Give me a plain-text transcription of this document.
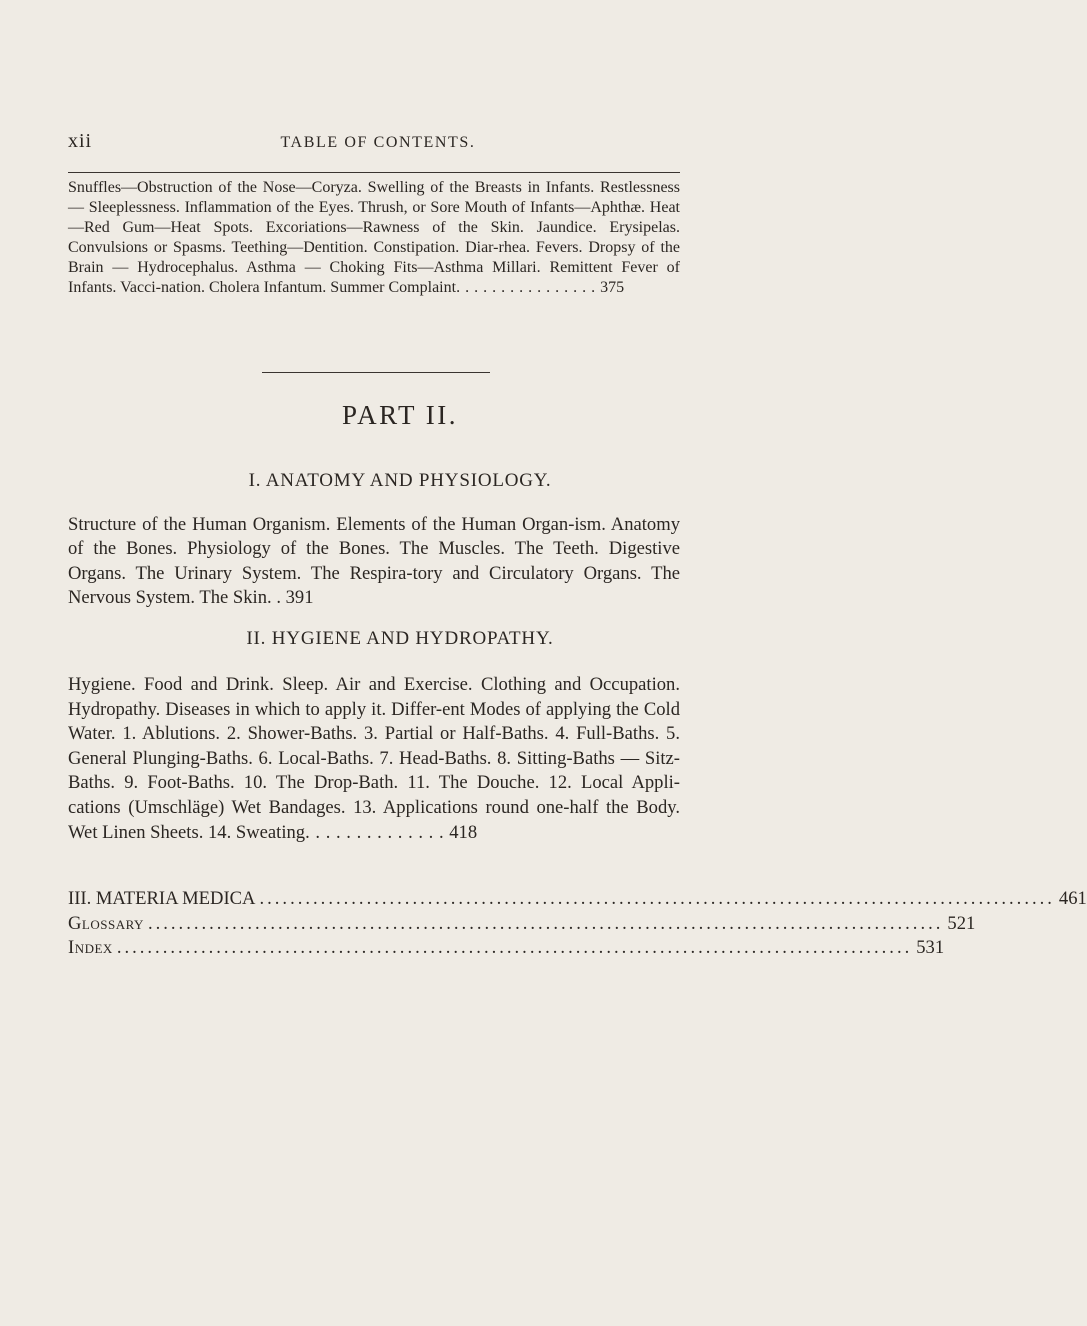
xii	TABLE OF CONTENTS.

Snuffles—Obstruction of the Nose—Coryza. Swelling of the Breasts in Infants. Restlessness — Sleeplessness. Inflammation of the Eyes. Thrush, or Sore Mouth of Infants—Aphthæ. Heat—Red Gum—Heat Spots. Excoriations—Rawness of the Skin. Jaundice. Erysipelas. Convulsions or Spasms. Teething—Dentition. Constipation. Diar-rhea. Fevers. Dropsy of the Brain — Hydrocephalus. Asthma — Choking Fits—Asthma Millari. Remittent Fever of Infants. Vacci-nation. Cholera Infantum. Summer Complaint. . . . . . . . . . . . . . . . 375

PART II.
I. ANATOMY AND PHYSIOLOGY.

Structure of the Human Organism. Elements of the Human Organ-ism. Anatomy of the Bones. Physiology of the Bones. The Muscles. The Teeth. Digestive Organs. The Urinary System. The Respira-tory and Circulatory Organs. The Nervous System. The Skin. . 391

II. HYGIENE AND HYDROPATHY.

Hygiene. Food and Drink. Sleep. Air and Exercise. Clothing and Occupation. Hydropathy. Diseases in which to apply it. Differ-ent Modes of applying the Cold Water. 1. Ablutions. 2. Shower-Baths. 3. Partial or Half-Baths. 4. Full-Baths. 5. General Plunging-Baths. 6. Local-Baths. 7. Head-Baths. 8. Sitting-Baths — Sitz-Baths. 9. Foot-Baths. 10. The Drop-Bath. 11. The Douche. 12. Local Appli-cations (Umschläge) Wet Bandages. 13. Applications round one-half the Body. Wet Linen Sheets. 14. Sweating. . . . . . . . . . . . . . 418

III. MATERIA MEDICA ........................................................................................................ 461
Glossary ........................................................................................................ 521
Index ........................................................................................................ 531
